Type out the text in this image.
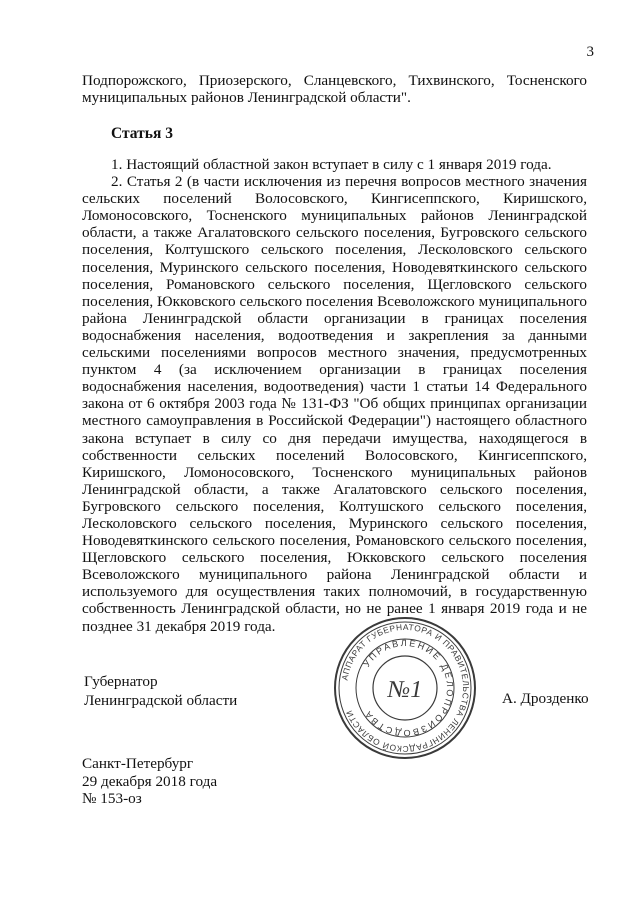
3

Подпорожского, Приозерского, Сланцевского, Тихвинского, Тосненского муниципальных районов Ленинградской области".

Статья 3

1. Настоящий областной закон вступает в силу с 1 января 2019 года.

2. Статья 2 (в части исключения из перечня вопросов местного значения сельских поселений Волосовского, Кингисеппского, Киришского, Ломоносовского, Тосненского муниципальных районов Ленинградской области, а также Агалатовского сельского поселения, Бугровского сельского поселения, Колтушского сельского поселения, Лесколовского сельского поселения, Муринского сельского поселения, Новодевяткинского сельского поселения, Романовского сельского поселения, Щегловского сельского поселения, Юкковского сельского поселения Всеволожского муниципального района Ленинградской области организации в границах поселения водоснабжения населения, водоотведения и закрепления за данными сельскими поселениями вопросов местного значения, предусмотренных пунктом 4 (за исключением организации в границах поселения водоснабжения населения, водоотведения) части 1 статьи 14 Федерального закона от 6 октября 2003 года № 131-ФЗ "Об общих принципах организации местного самоуправления в Российской Федерации") настоящего областного закона вступает в силу со дня передачи имущества, находящегося в собственности сельских поселений Волосовского, Кингисеппского, Киришского, Ломоносовского, Тосненского муниципальных районов Ленинградской области, а также Агалатовского сельского поселения, Бугровского сельского поселения, Колтушского сельского поселения, Лесколовского сельского поселения, Муринского сельского поселения, Новодевяткинского сельского поселения, Романовского сельского поселения, Щегловского сельского поселения, Юкковского сельского поселения Всеволожского муниципального района Ленинградской области и используемого для осуществления таких полномочий, в государственную собственность Ленинградской области, но не ранее 1 января 2019 года и не позднее 31 декабря 2019 года.

Губернатор
Ленинградской области	А. Дрозденко
АППАРАТ ГУБЕРНАТОРА И ПРАВИТЕЛЬСТВА ЛЕНИНГРАДСКОЙ ОБЛАСТИ
УПРАВЛЕНИЕ ДЕЛОПРОИЗВОДСТВА
№1
Санкт-Петербург
29 декабря 2018 года
№ 153-оз
